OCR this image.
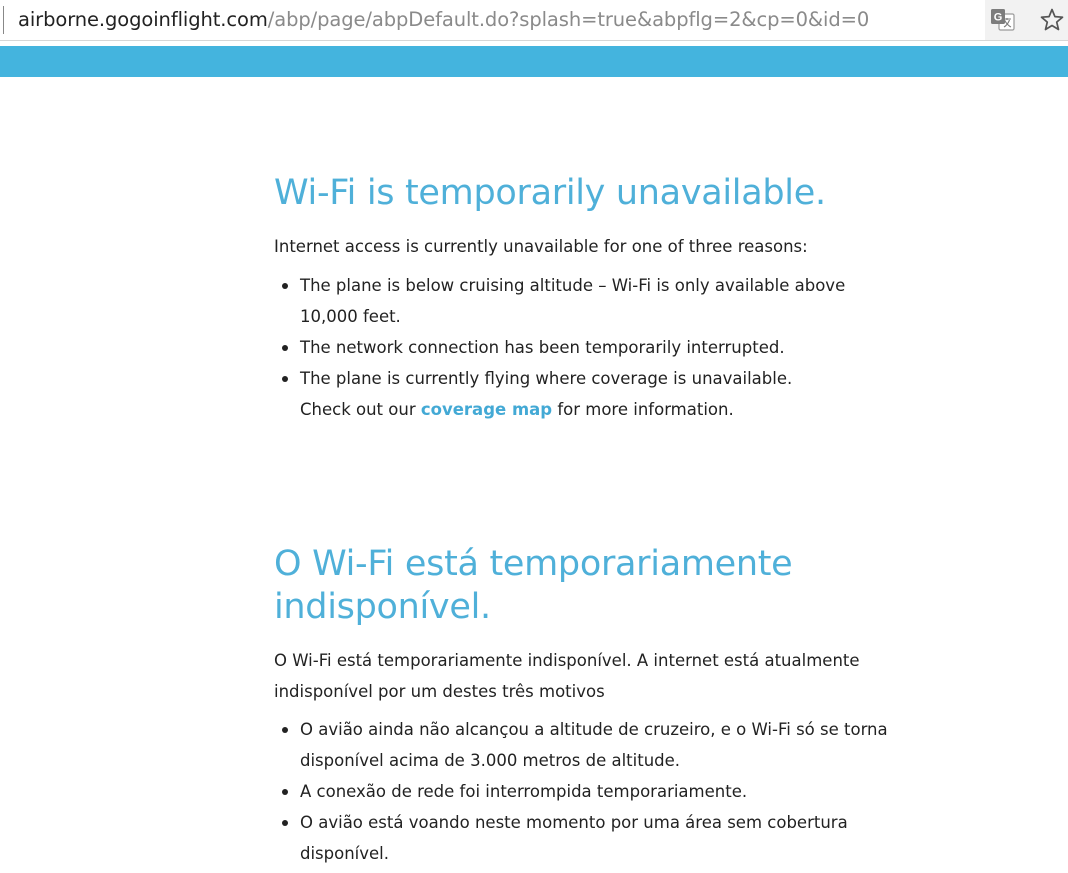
airborne.gogoinflight.com/abp/page/abpDefault.do?splash=true&abpflg=2&cp=0&id=0	G
Wi-Fi is temporarily unavailable.

Internet access is currently unavailable for one of three reasons:

The plane is below cruising altitude – Wi-Fi is only available above 10,000 feet.
The network connection has been temporarily interrupted.
The plane is currently flying where coverage is unavailable.
Check out our coverage map for more information.
O Wi-Fi está temporariamente indisponível.

O Wi-Fi está temporariamente indisponível. A internet está atualmente indisponível por um destes três motivos

O avião ainda não alcançou a altitude de cruzeiro, e o Wi-Fi só se torna disponível acima de 3.000 metros de altitude.
A conexão de rede foi interrompida temporariamente.
O avião está voando neste momento por uma área sem cobertura disponível.
